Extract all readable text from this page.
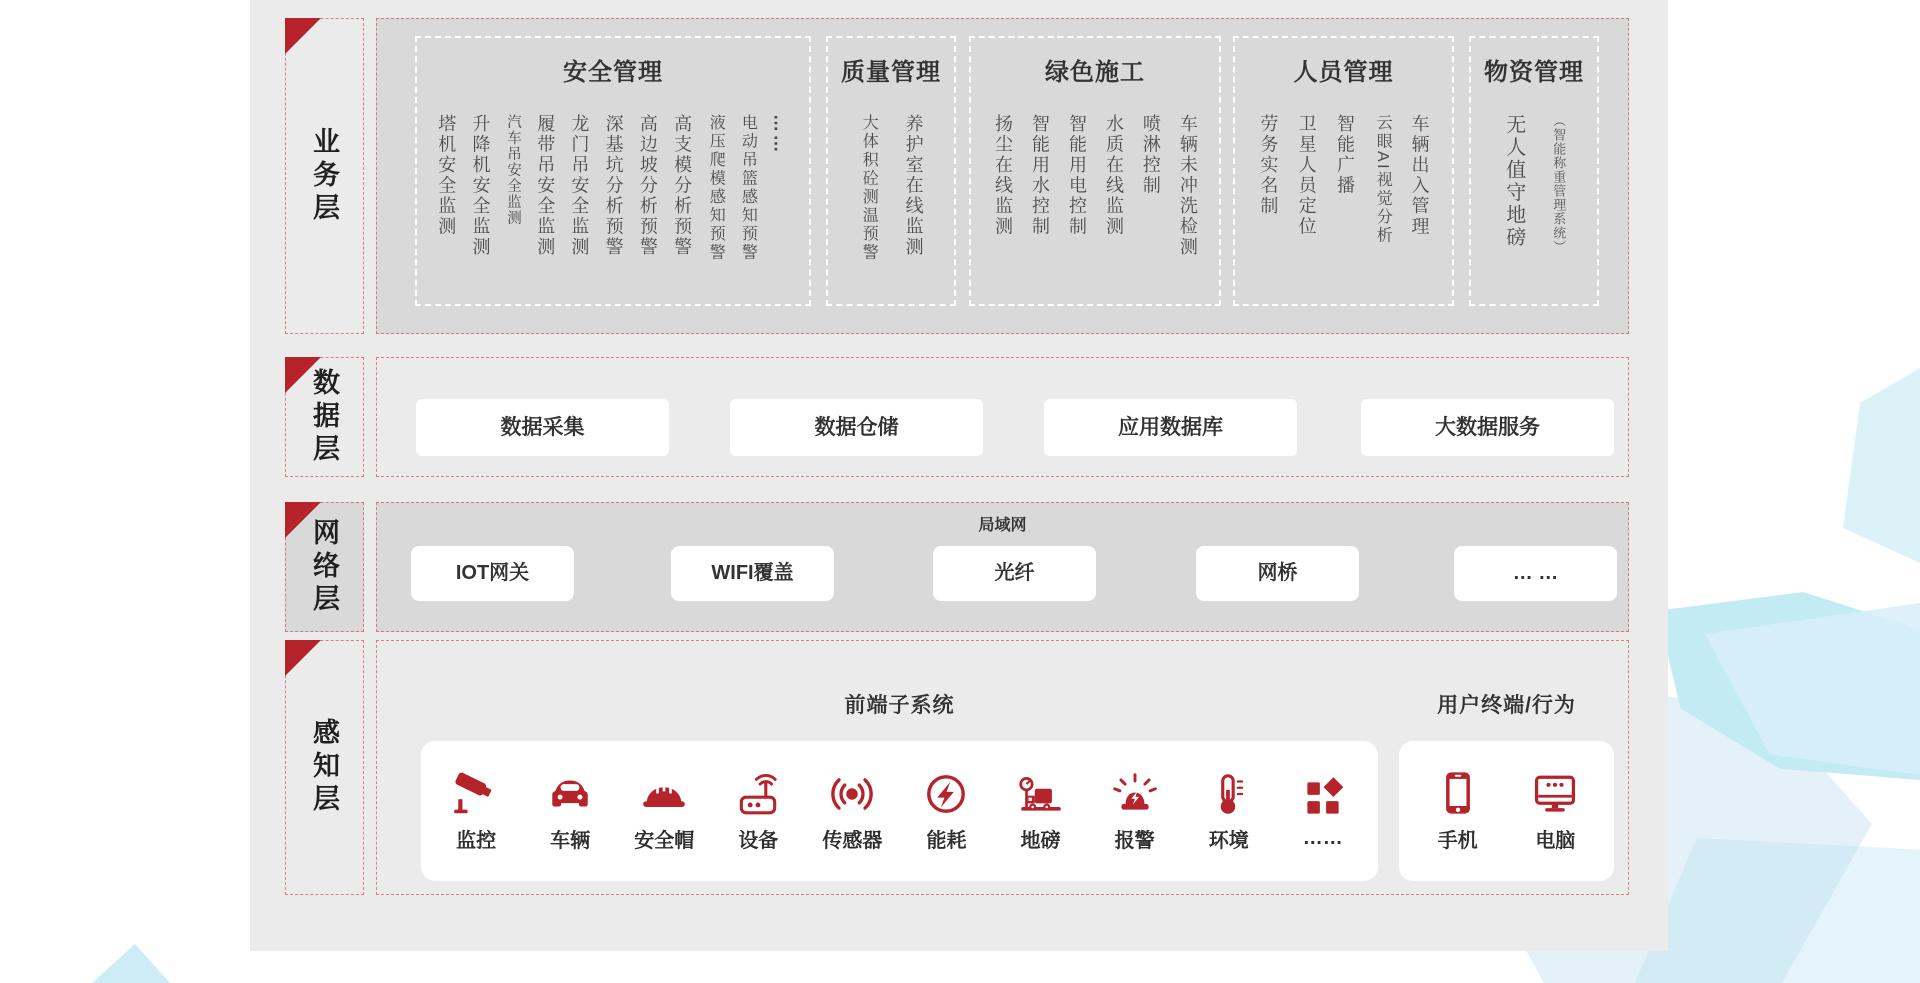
业务层
安全管理
塔机安全监测 升降机安全监测 汽车吊安全监测 履带吊安全监测 龙门吊安全监测 深基坑分析预警 高边坡分析预警 高支模分析预警 液压爬模感知预警 电动吊篮感知预警 ……
质量管理
大体积砼测温预警 养护室在线监测
绿色施工
扬尘在线监测 智能用水控制 智能用电控制 水质在线监测 喷淋控制 车辆未冲洗检测
人员管理
劳务实名制 卫星人员定位 智能广播 云眼AI视觉分析 车辆出入管理
物资管理
无人值守地磅 （智能称重管理系统）
数据层	数据采集	数据仓储	应用数据库	大数据服务
网络层	局域网
IOT网关	WIFI覆盖	光纤	网桥	… …
感知层
前端子系统	用户终端/行为
监控	车辆 安全帽 设备 传感器 能耗	地磅	报警	环境	……	手机	电脑
